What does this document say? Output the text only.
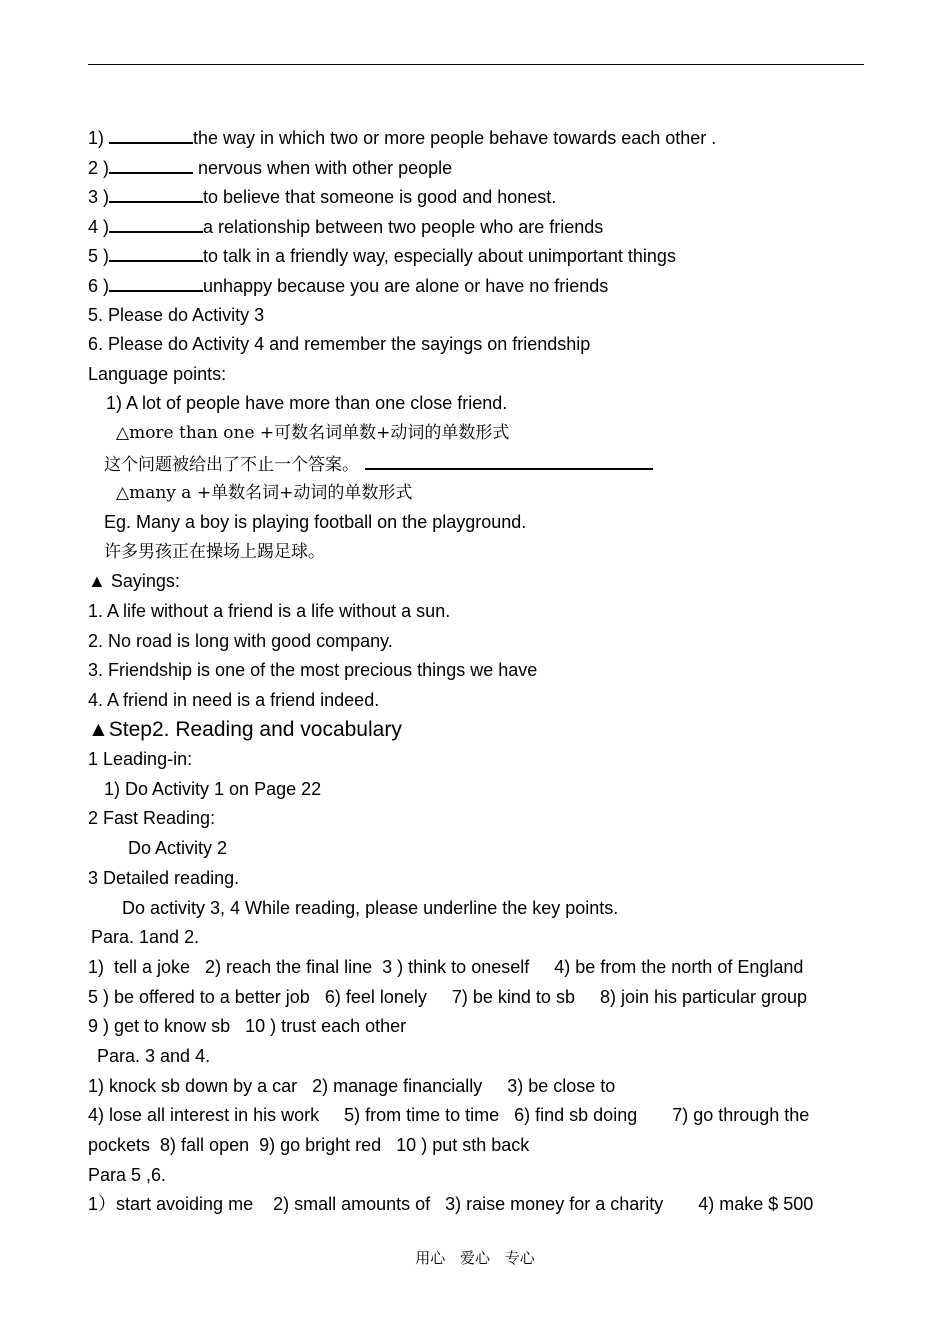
1)	the way in which two or more people behave towards each other .
2 )	nervous when with other people
3 )	to believe that someone is good and honest.
4 )	a relationship between two people who are friends
5 )	to talk in a friendly way, especially about unimportant things
6 )	unhappy because you are alone or have no friends
5. Please do Activity 3
6. Please do Activity 4 and remember the sayings on friendship
Language points:
1) A lot of people have more than one close friend.
△more than one +可数名词单数+动词的单数形式
这个问题被给出了不止一个答案。
△many a +单数名词+动词的单数形式
Eg. Many a boy is playing football on the playground.
许多男孩正在操场上踢足球。
▲ Sayings:
1. A life without a friend is a life without a sun.
2. No road is long with good company.
3. Friendship is one of the most precious things we have
4. A friend in need is a friend indeed.
▲Step2. Reading and vocabulary
1 Leading-in:
1) Do Activity 1 on Page 22
2 Fast Reading:
Do Activity 2
3 Detailed reading.
Do activity 3, 4 While reading, please underline the key points.
Para. 1and 2.
1)  tell a joke   2) reach the final line  3 ) think to oneself     4) be from the north of England
5 ) be offered to a better job   6) feel lonely     7) be kind to sb     8) join his particular group
9 ) get to know sb   10 ) trust each other
Para. 3 and 4.
1) knock sb down by a car   2) manage financially     3) be close to
4) lose all interest in his work     5) from time to time   6) find sb doing       7) go through the
pockets  8) fall open  9) go bright red   10 ) put sth back
Para 5 ,6.
1）start avoiding me    2) small amounts of   3) raise money for a charity       4) make $ 500
用心 爱心 专心
